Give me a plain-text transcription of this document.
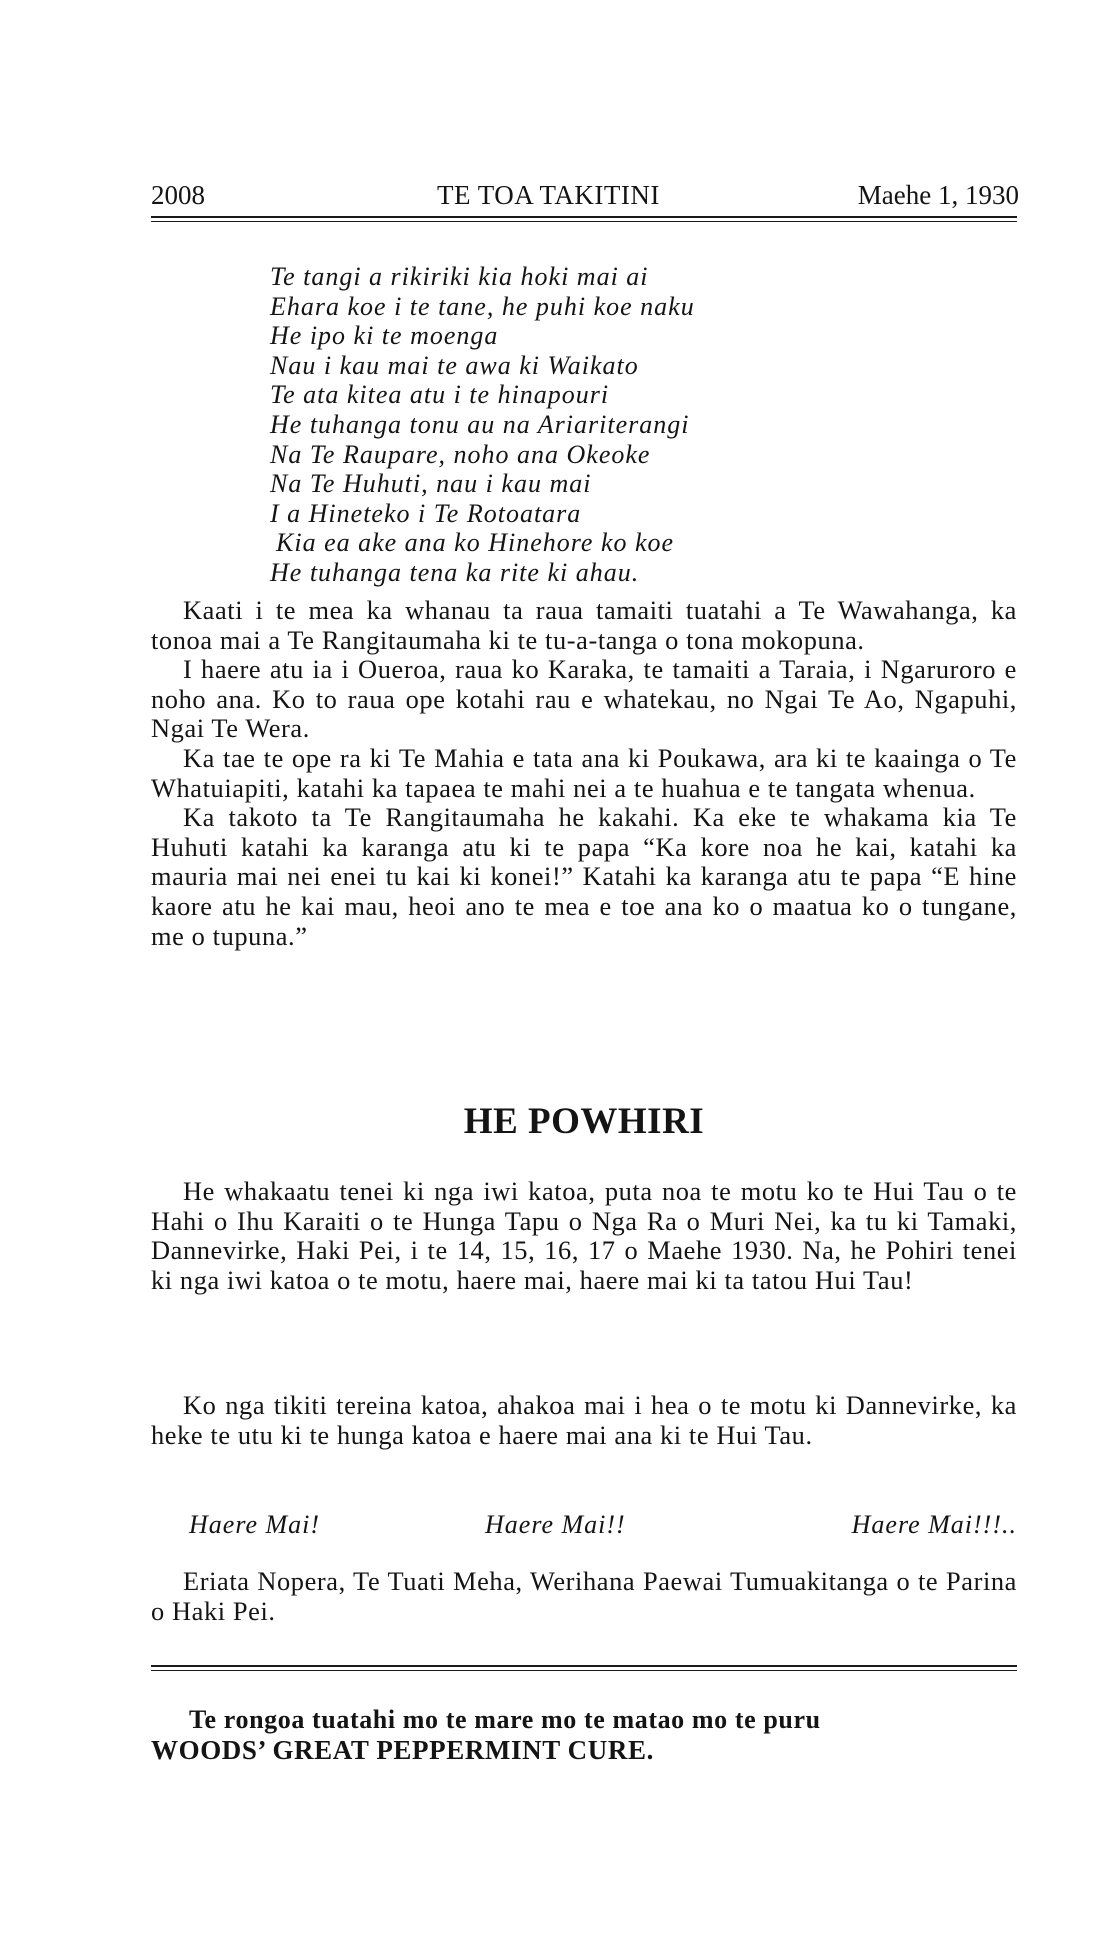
2008	TE TOA TAKITINI	Maehe 1, 1930
Te tangi a rikiriki kia hoki mai ai
Ehara koe i te tane, he puhi koe naku
He ipo ki te moenga
Nau i kau mai te awa ki Waikato
Te ata kitea atu i te hinapouri
He tuhanga tonu au na Ariariterangi
Na Te Raupare, noho ana Okeoke
Na Te Huhuti, nau i kau mai
I a Hineteko i Te Rotoatara
Kia ea ake ana ko Hinehore ko koe
He tuhanga tena ka rite ki ahau.

Kaati i te mea ka whanau ta raua tamaiti tuatahi a Te Wawahanga, ka tonoa mai a Te Rangitaumaha ki te tu-a-tanga o tona mokopuna.

I haere atu ia i Oueroa, raua ko Karaka, te tamaiti a Taraia, i Ngaruroro e noho ana. Ko to raua ope kotahi rau e whatekau, no Ngai Te Ao, Ngapuhi, Ngai Te Wera.

Ka tae te ope ra ki Te Mahia e tata ana ki Poukawa, ara ki te kaainga o Te Whatuiapiti, katahi ka tapaea te mahi nei a te huahua e te tangata whenua.

Ka takoto ta Te Rangitaumaha he kakahi. Ka eke te whakama kia Te Huhuti katahi ka karanga atu ki te papa “Ka kore noa he kai, katahi ka mauria mai nei enei tu kai ki konei!” Katahi ka karanga atu te papa “E hine kaore atu he kai mau, heoi ano te mea e toe ana ko o maatua ko o tungane, me o tupuna.”

HE POWHIRI

He whakaatu tenei ki nga iwi katoa, puta noa te motu ko te Hui Tau o te Hahi o Ihu Karaiti o te Hunga Tapu o Nga Ra o Muri Nei, ka tu ki Tamaki, Dannevirke, Haki Pei, i te 14, 15, 16, 17 o Maehe 1930. Na, he Pohiri tenei ki nga iwi katoa o te motu, haere mai, haere mai ki ta tatou Hui Tau!

Ko nga tikiti tereina katoa, ahakoa mai i hea o te motu ki Dannevirke, ka heke te utu ki te hunga katoa e haere mai ana ki te Hui Tau.

Haere Mai!	Haere Mai!!	Haere Mai!!!..

Eriata Nopera, Te Tuati Meha, Werihana Paewai Tumuakitanga o te Parina o Haki Pei.

Te rongoa tuatahi mo te mare mo te matao mo te puru
WOODS’ GREAT PEPPERMINT CURE.
